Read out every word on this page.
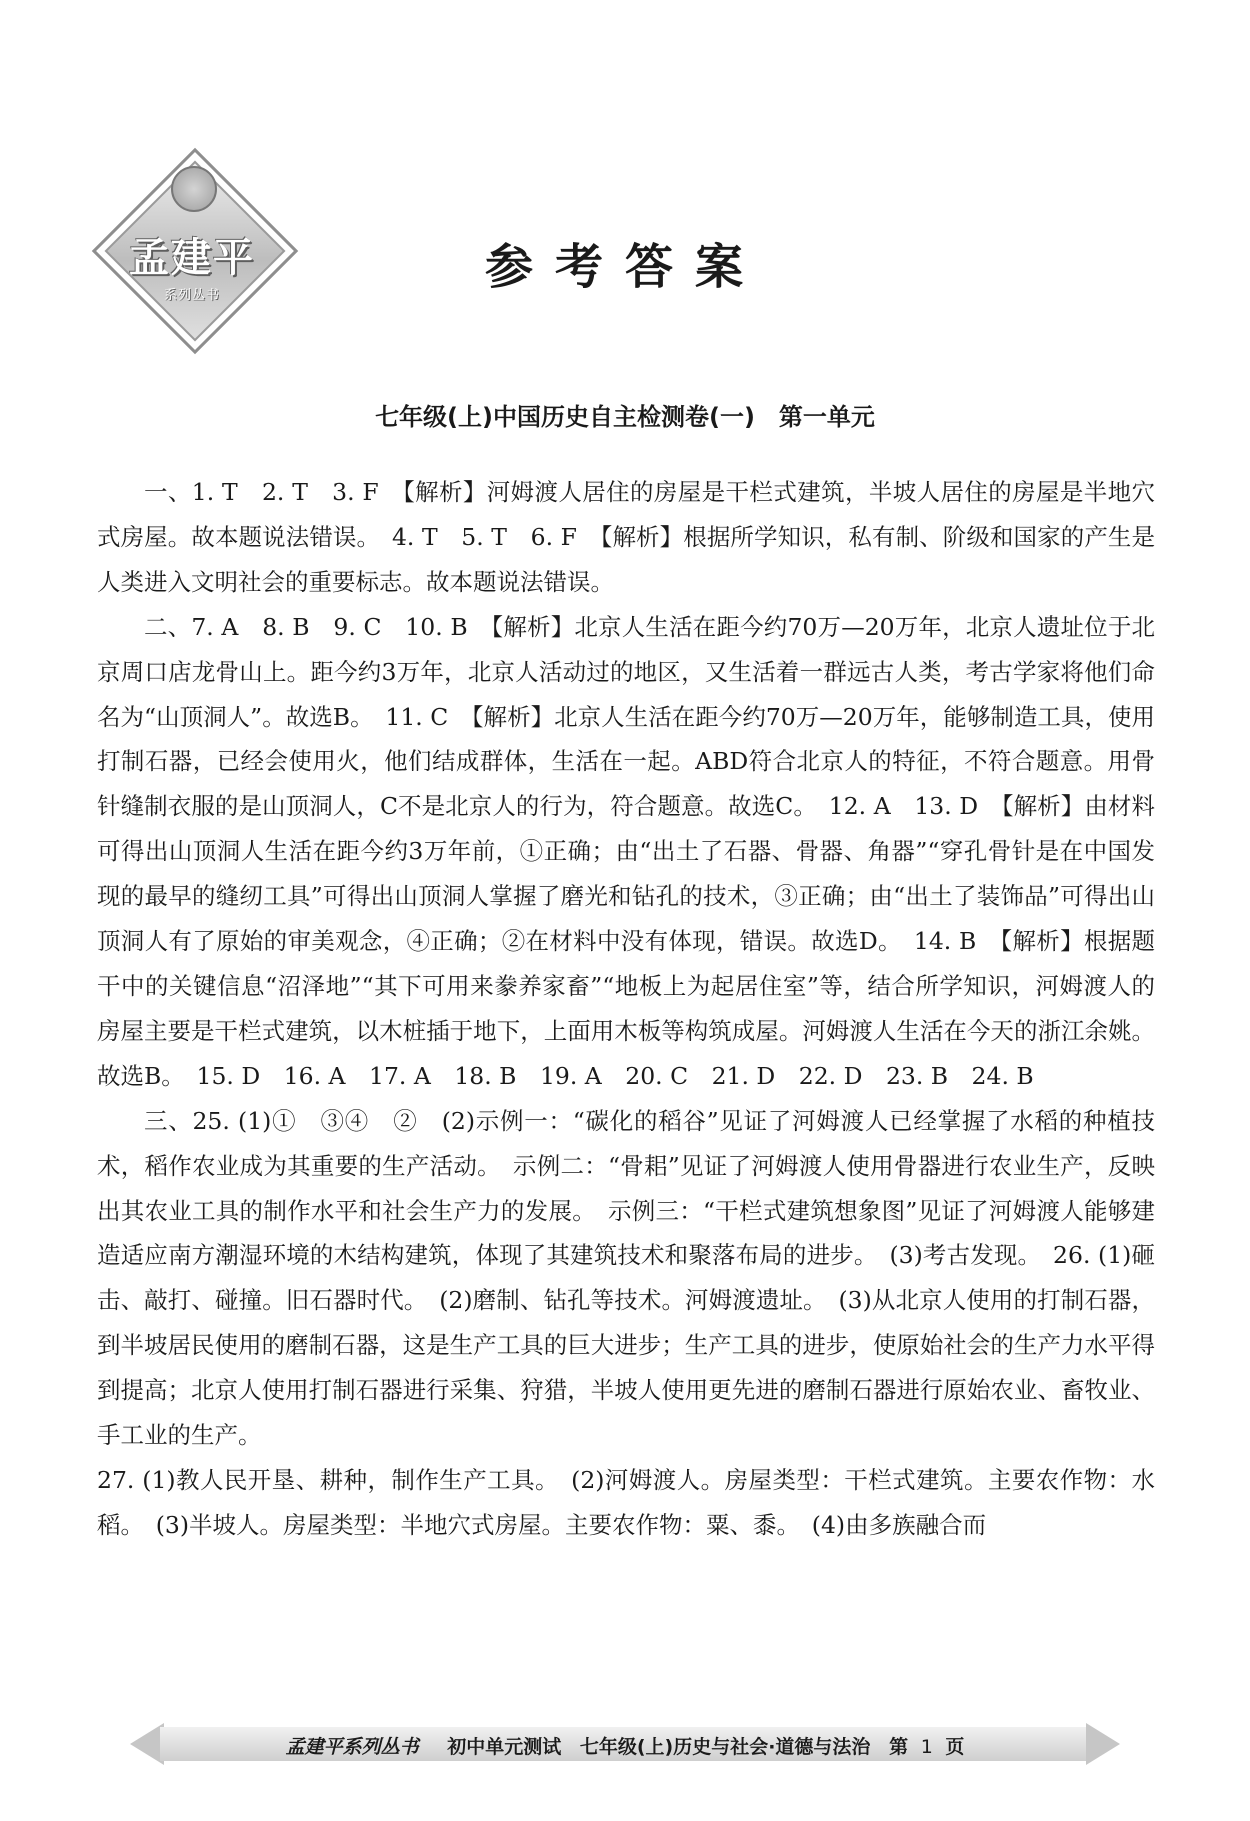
孟建平
系列丛书
参考答案
七年级(上)中国历史自主检测卷(一)　第一单元

一、1. T　2. T　3. F　【解析】河姆渡人居住的房屋是干栏式建筑，半坡人居住的房屋是半地穴式房屋。故本题说法错误。　4. T　5. T　6. F　【解析】根据所学知识，私有制、阶级和国家的产生是人类进入文明社会的重要标志。故本题说法错误。

二、7. A　8. B　9. C　10. B　【解析】北京人生活在距今约70万—20万年，北京人遗址位于北京周口店龙骨山上。距今约3万年，北京人活动过的地区，又生活着一群远古人类，考古学家将他们命名为“山顶洞人”。故选B。　11. C　【解析】北京人生活在距今约70万—20万年，能够制造工具，使用打制石器，已经会使用火，他们结成群体，生活在一起。ABD符合北京人的特征，不符合题意。用骨针缝制衣服的是山顶洞人，C不是北京人的行为，符合题意。故选C。　12. A　13. D　【解析】由材料可得出山顶洞人生活在距今约3万年前，①正确；由“出土了石器、骨器、角器”“穿孔骨针是在中国发现的最早的缝纫工具”可得出山顶洞人掌握了磨光和钻孔的技术，③正确；由“出土了装饰品”可得出山顶洞人有了原始的审美观念，④正确；②在材料中没有体现，错误。故选D。　14. B　【解析】根据题干中的关键信息“沼泽地”“其下可用来豢养家畜”“地板上为起居住室”等，结合所学知识，河姆渡人的房屋主要是干栏式建筑，以木桩插于地下，上面用木板等构筑成屋。河姆渡人生活在今天的浙江余姚。故选B。　15. D　16. A　17. A　18. B　19. A　20. C　21. D　22. D　23. B　24. B

三、25. (1)①　③④　②　(2)示例一：“碳化的稻谷”见证了河姆渡人已经掌握了水稻的种植技术，稻作农业成为其重要的生产活动。　示例二：“骨耜”见证了河姆渡人使用骨器进行农业生产，反映出其农业工具的制作水平和社会生产力的发展。　示例三：“干栏式建筑想象图”见证了河姆渡人能够建造适应南方潮湿环境的木结构建筑，体现了其建筑技术和聚落布局的进步。　(3)考古发现。　26. (1)砸击、敲打、碰撞。旧石器时代。　(2)磨制、钻孔等技术。河姆渡遗址。　(3)从北京人使用的打制石器，到半坡居民使用的磨制石器，这是生产工具的巨大进步；生产工具的进步，使原始社会的生产力水平得到提高；北京人使用打制石器进行采集、狩猎，半坡人使用更先进的磨制石器进行原始农业、畜牧业、手工业的生产。

27. (1)教人民开垦、耕种，制作生产工具。　(2)河姆渡人。房屋类型：干栏式建筑。主要农作物：水稻。　(3)半坡人。房屋类型：半地穴式房屋。主要农作物：粟、黍。　(4)由多族融合而

孟建平系列丛书 初中单元测试 七年级(上)历史与社会·道德与法治 第 1 页
